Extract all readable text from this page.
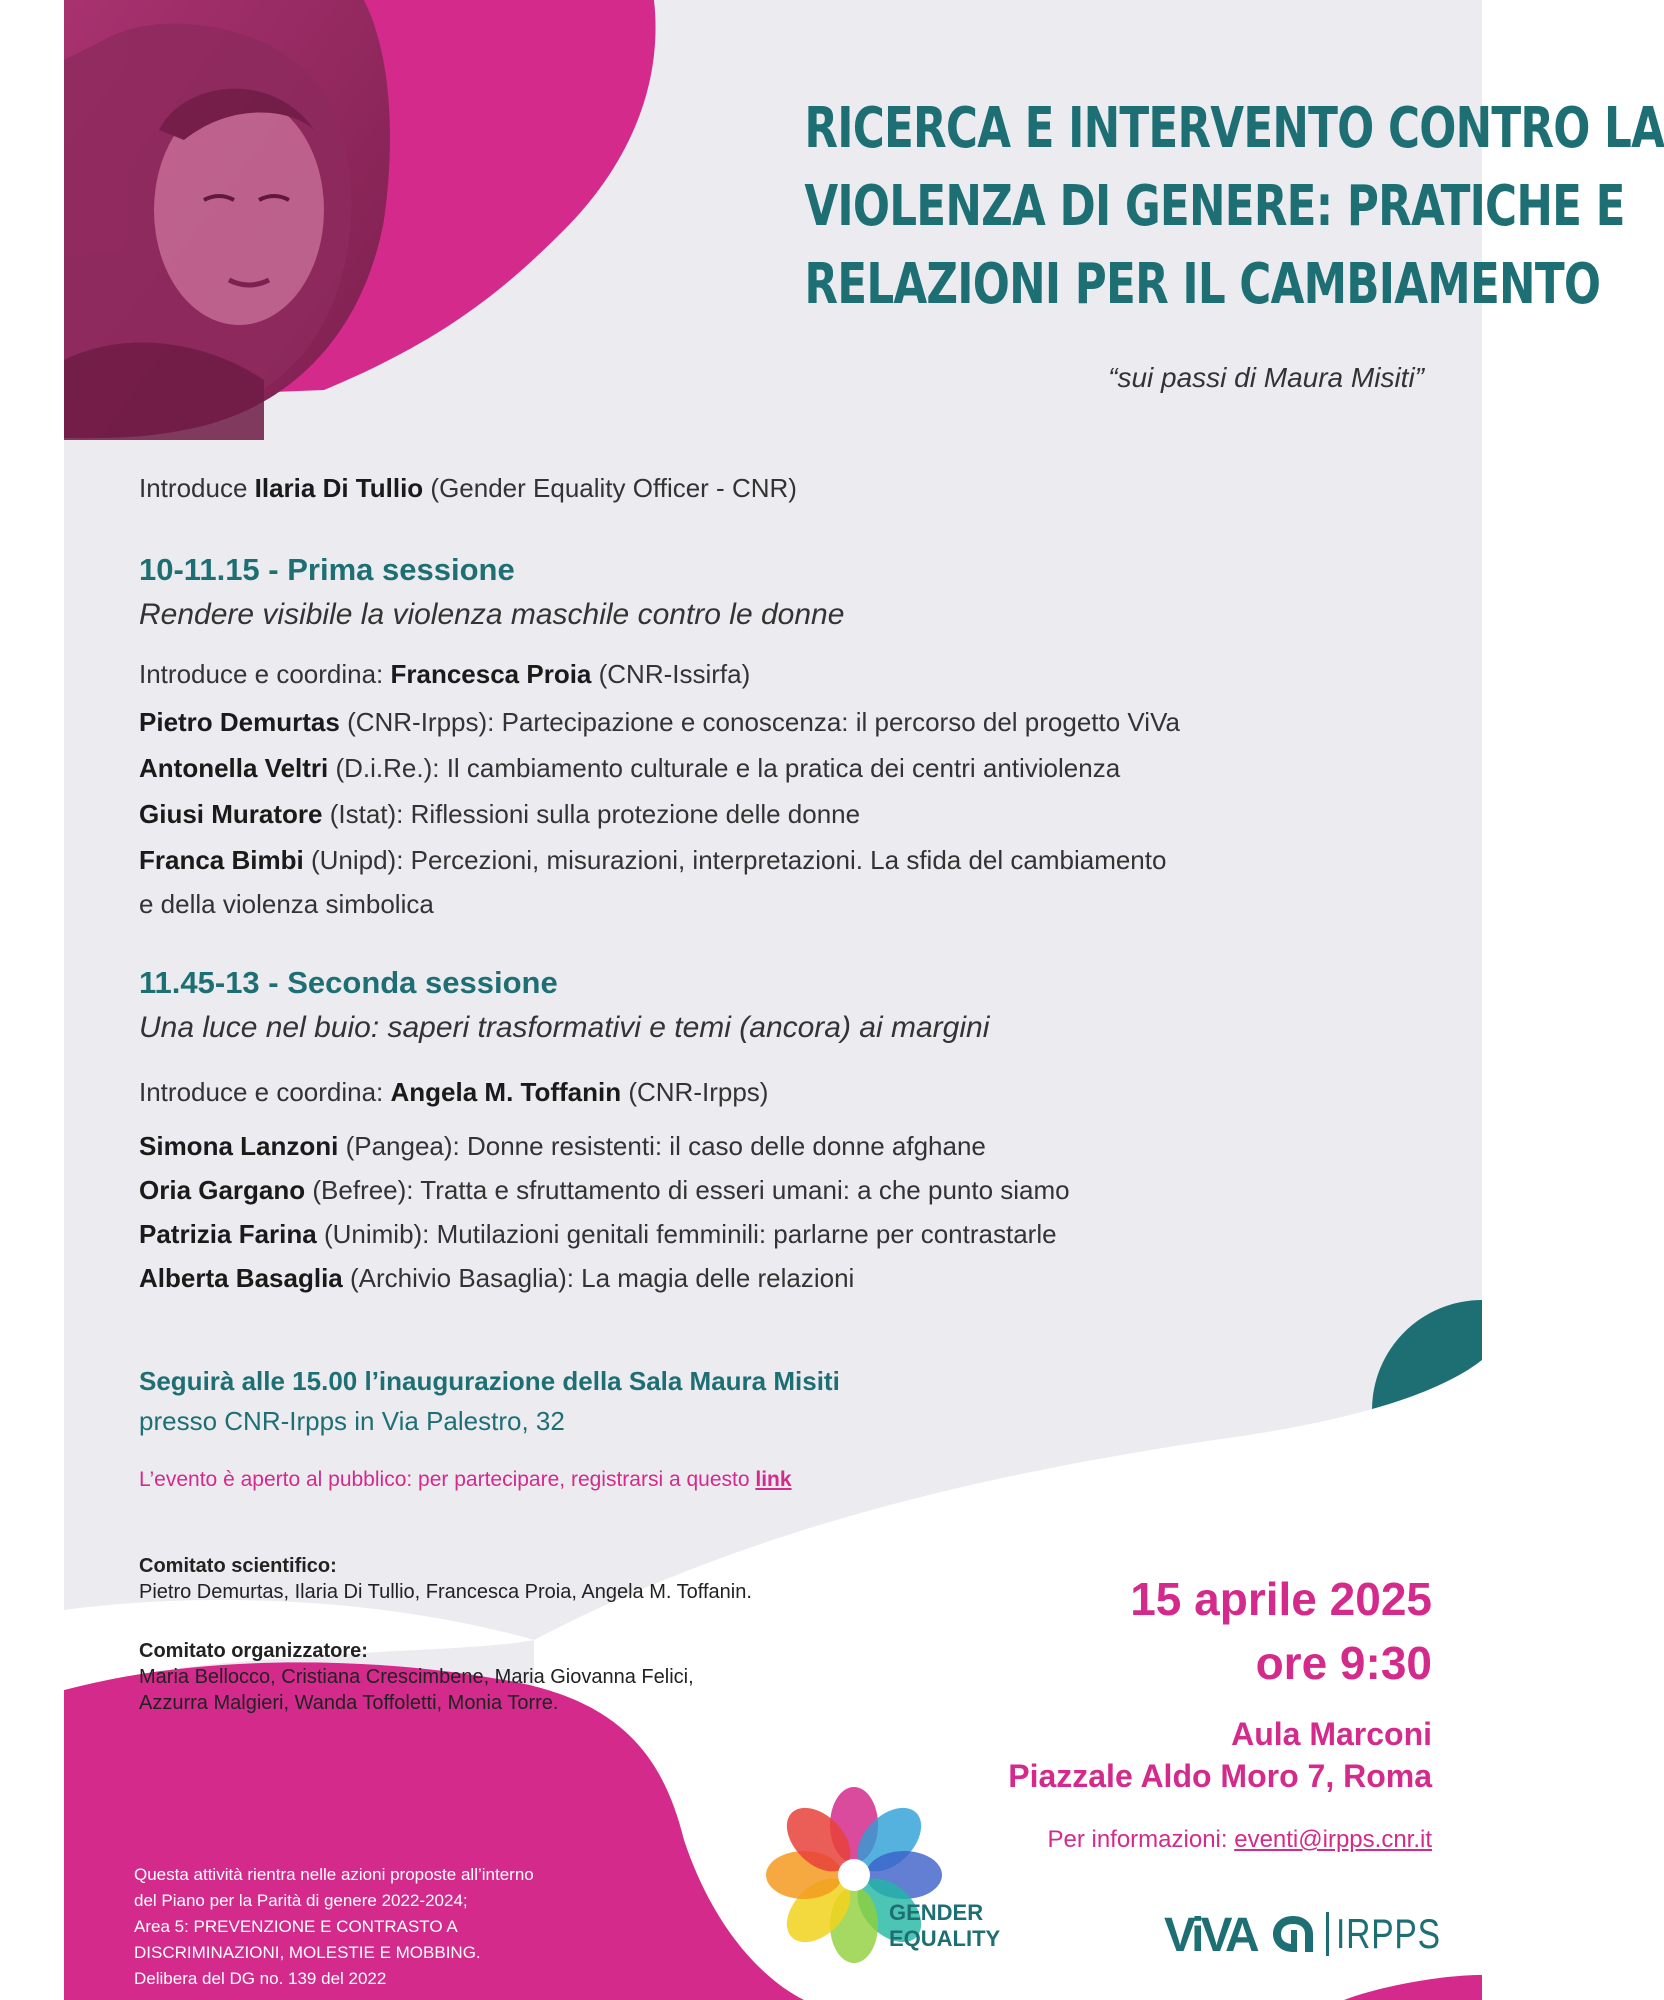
RICERCA E INTERVENTO CONTRO LA
VIOLENZA DI GENERE: PRATICHE E
RELAZIONI PER IL CAMBIAMENTO
“sui passi di Maura Misiti”
Introduce Ilaria Di Tullio (Gender Equality Officer - CNR)
10-11.15 - Prima sessione
Rendere visibile la violenza maschile contro le donne
Introduce e coordina: Francesca Proia (CNR-Issirfa)
Pietro Demurtas (CNR-Irpps): Partecipazione e conoscenza: il percorso del progetto ViVa
Antonella Veltri (D.i.Re.): Il cambiamento culturale e la pratica dei centri antiviolenza
Giusi Muratore (Istat): Riflessioni sulla protezione delle donne
Franca Bimbi (Unipd): Percezioni, misurazioni, interpretazioni. La sfida del cambiamento
e della violenza simbolica
11.45-13 - Seconda sessione
Una luce nel buio: saperi trasformativi e temi (ancora) ai margini
Introduce e coordina: Angela M. Toffanin (CNR-Irpps)
Simona Lanzoni (Pangea): Donne resistenti: il caso delle donne afghane
Oria Gargano (Befree): Tratta e sfruttamento di esseri umani: a che punto siamo
Patrizia Farina (Unimib): Mutilazioni genitali femminili: parlarne per contrastarle
Alberta Basaglia (Archivio Basaglia): La magia delle relazioni
Seguirà alle 15.00 l’inaugurazione della Sala Maura Misiti
presso CNR-Irpps in Via Palestro, 32
L’evento è aperto al pubblico: per partecipare, registrarsi a questo link
Comitato scientifico:
Pietro Demurtas, Ilaria Di Tullio, Francesca Proia, Angela M. Toffanin.
Comitato organizzatore:
Maria Bellocco, Cristiana Crescimbene, Maria Giovanna Felici,
Azzurra Malgieri, Wanda Toffoletti, Monia Torre.
15 aprile 2025
ore 9:30
Aula Marconi
Piazzale Aldo Moro 7, Roma
Per informazioni: eventi@irpps.cnr.it
Questa attività rientra nelle azioni proposte all’interno
del Piano per la Parità di genere 2022-2024;
Area 5: PREVENZIONE E CONTRASTO A
DISCRIMINAZIONI, MOLESTIE E MOBBING.
Delibera del DG no. 139 del 2022
GENDER
EQUALITY	ViVA IRPPS
